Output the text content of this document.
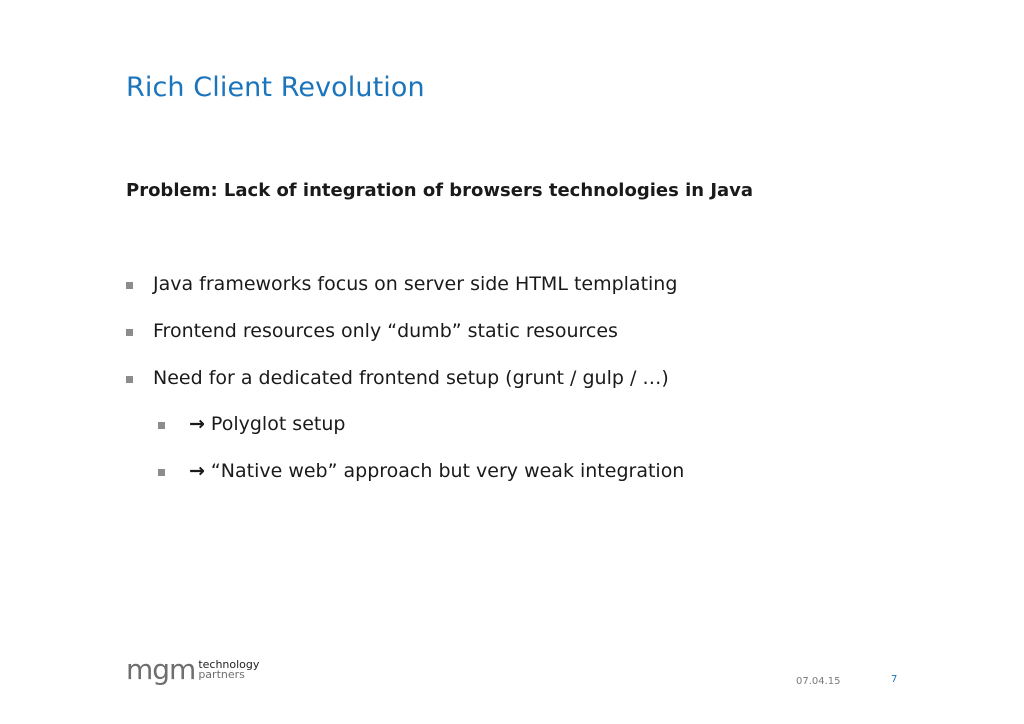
Rich Client Revolution
Problem: Lack of integration of browsers technologies in Java
Java frameworks focus on server side HTML templating
Frontend resources only “dumb” static resources
Need for a dedicated frontend setup (grunt / gulp / …)
→ Polyglot setup
→ “Native web” approach but very weak integration
mgm technology
partners
07.04.15	7
